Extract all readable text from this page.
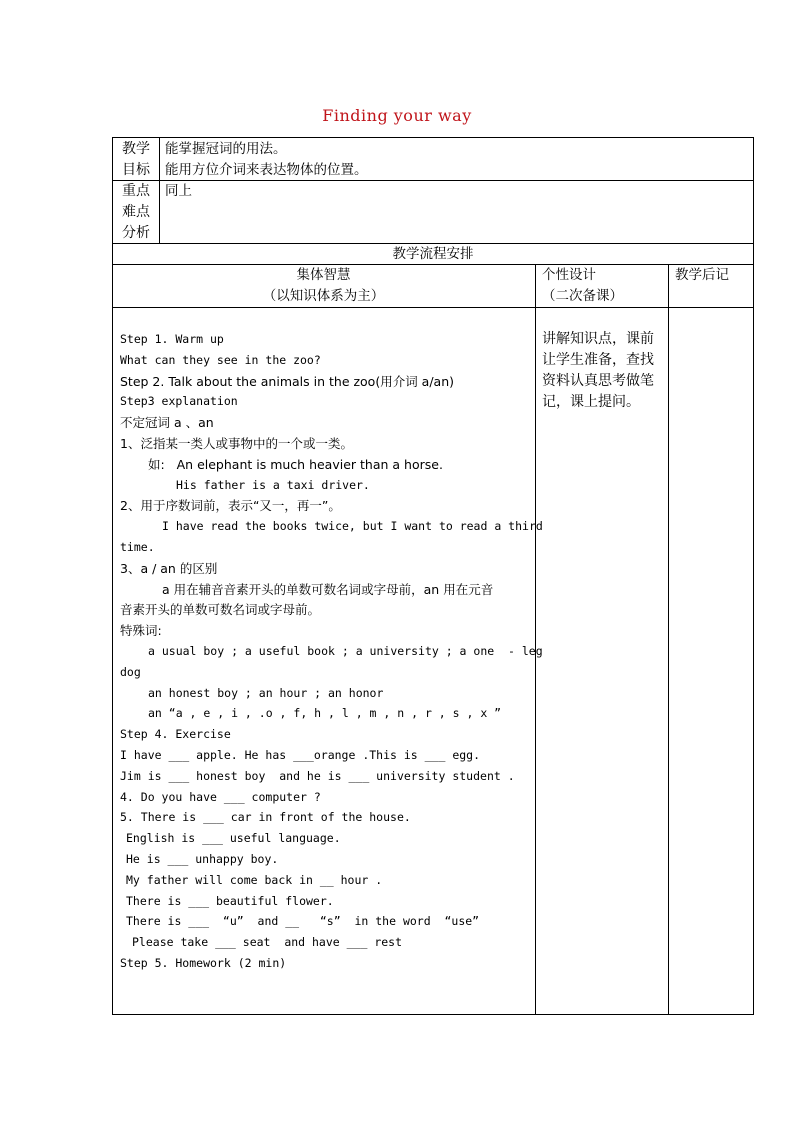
Finding your way
教学
目标
能掌握冠词的用法。
能用方位介词来表达物体的位置。
重点
难点
分析
同上
教学流程安排
集体智慧
（以知识体系为主）
个性设计
（二次备课）
教学后记
Step 1. Warm up
What can they see in the zoo?
Step 2. Talk about the animals in the zoo(用介词 a/an)
Step3 explanation
不定冠词 a 、an
1、泛指某一类人或事物中的一个或一类。
如:   An elephant is much heavier than a horse.
His father is a taxi driver.
2、用于序数词前，表示“又一，再一”。
I have read the books twice, but I want to read a third
time.
3、a / an 的区别
a 用在辅音音素开头的单数可数名词或字母前，an 用在元音
音素开头的单数可数名词或字母前。
特殊词:
a usual boy ; a useful book ; a university ; a one  - leg
dog
an honest boy ; an hour ; an honor
an “a , e , i , .o , f, h , l , m , n , r , s , x ”
Step 4. Exercise
I have ___ apple. He has ___orange .This is ___ egg.
Jim is ___ honest boy  and he is ___ university student .
4. Do you have ___ computer ?
5. There is ___ car in front of the house.
English is ___ useful language.
He is ___ unhappy boy.
My father will come back in __ hour .
There is ___ beautiful flower.
There is ___  “u”  and __   “s”  in the word  “use”
Please take ___ seat  and have ___ rest
Step 5. Homework (2 min)
讲解知识点，课前
让学生准备，查找
资料认真思考做笔
记，课上提问。
